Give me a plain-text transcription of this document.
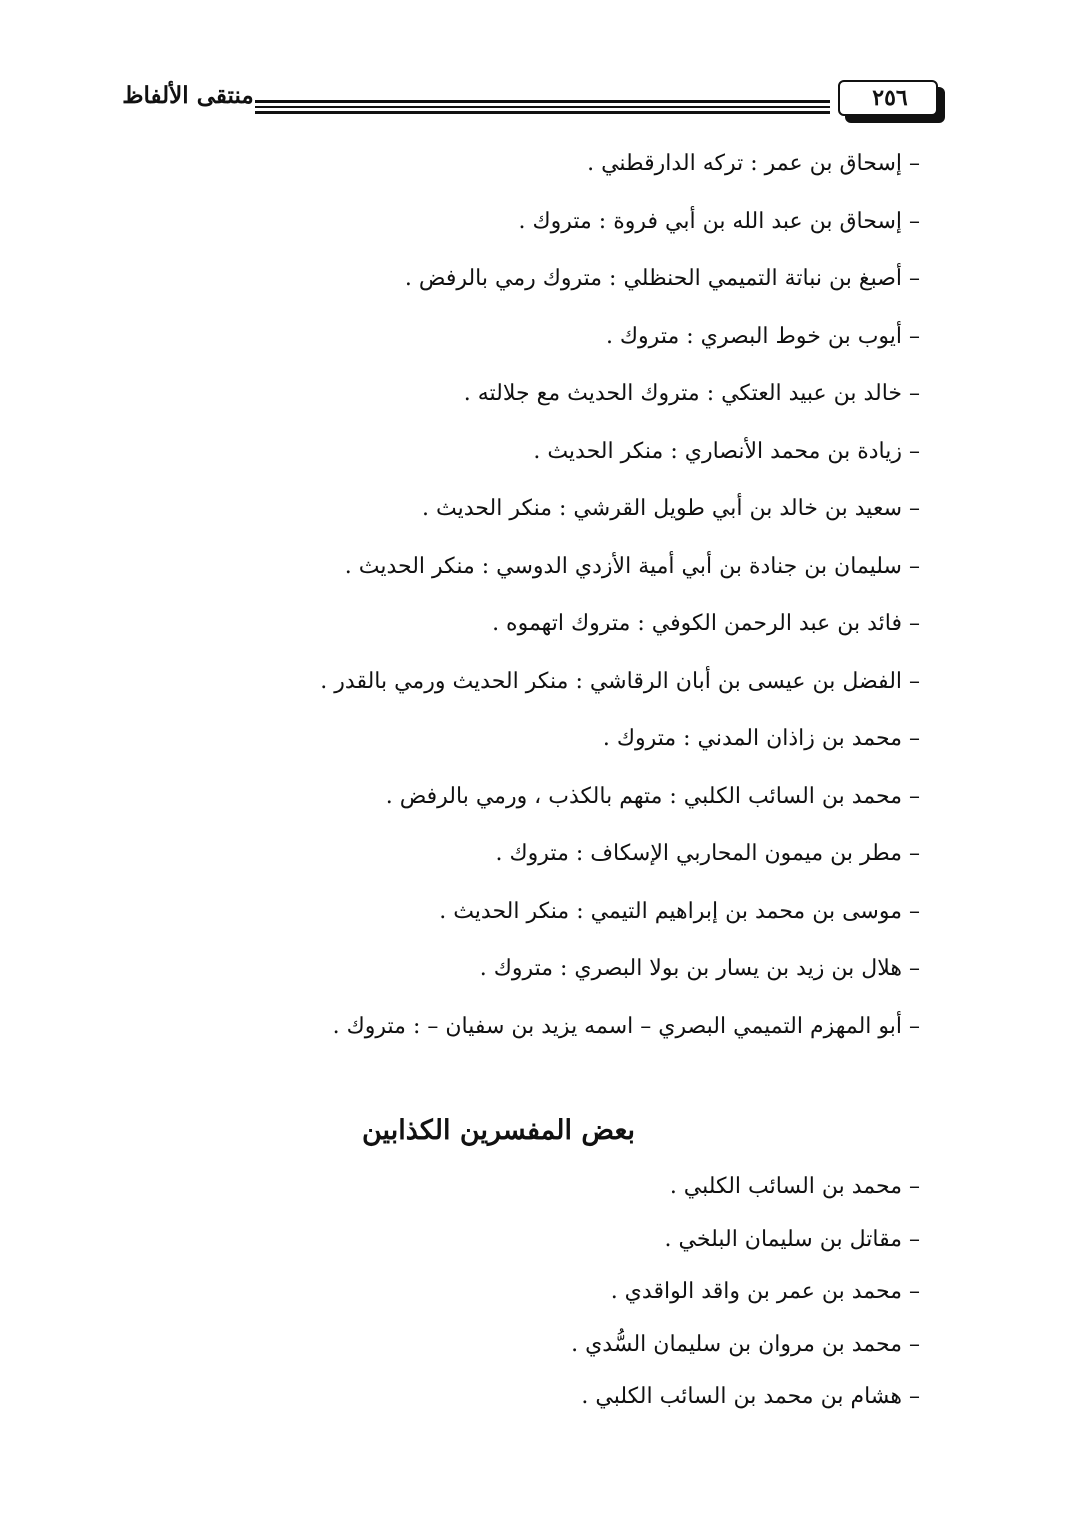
منتقى الألفاظ	٢٥٦
– إسحاق بن عمر : تركه الدارقطني .
– إسحاق بن عبد الله بن أبي فروة : متروك .
– أصبغ بن نباتة التميمي الحنظلي : متروك رمي بالرفض .
– أيوب بن خوط البصري : متروك .
– خالد بن عبيد العتكي : متروك الحديث مع جلالته .
– زيادة بن محمد الأنصاري : منكر الحديث .
– سعيد بن خالد بن أبي طويل القرشي : منكر الحديث .
– سليمان بن جنادة بن أبي أمية الأزدي الدوسي : منكر الحديث .
– فائد بن عبد الرحمن الكوفي : متروك اتهموه .
– الفضل بن عيسى بن أبان الرقاشي : منكر الحديث ورمي بالقدر .
– محمد بن زاذان المدني : متروك .
– محمد بن السائب الكلبي : متهم بالكذب ، ورمي بالرفض .
– مطر بن ميمون المحاربي الإسكاف : متروك .
– موسى بن محمد بن إبراهيم التيمي : منكر الحديث .
– هلال بن زيد بن يسار بن بولا البصري : متروك .
– أبو المهزم التميمي البصري – اسمه يزيد بن سفيان – : متروك .
بعض المفسرين الكذابين
– محمد بن السائب الكلبي .
– مقاتل بن سليمان البلخي .
– محمد بن عمر بن واقد الواقدي .
– محمد بن مروان بن سليمان السُّدي .
– هشام بن محمد بن السائب الكلبي .
